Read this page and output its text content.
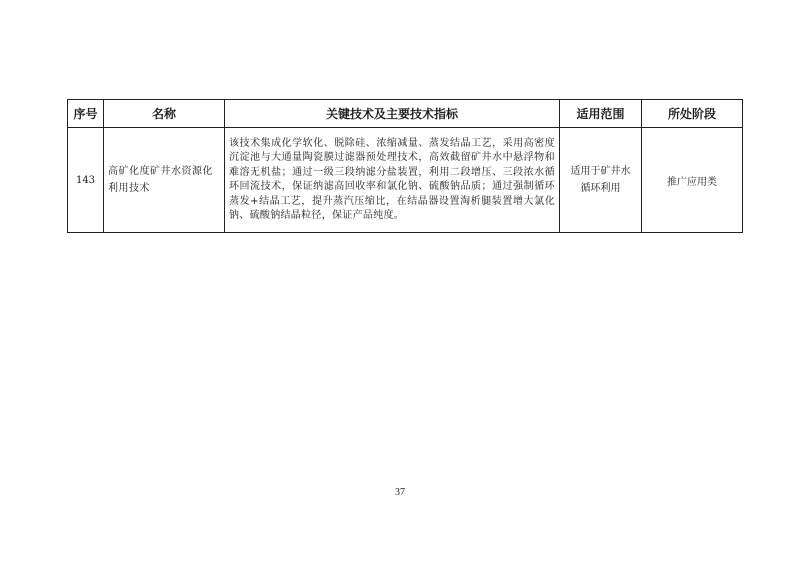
序号	名称	关键技术及主要技术指标	适用范围	所处阶段
143	高矿化度矿井水资源化利用技术	该技术集成化学软化、脱除硅、浓缩减量、蒸发结晶工艺，采用高密度沉淀池与大通量陶瓷膜过滤器预处理技术，高效截留矿井水中悬浮物和难溶无机盐；通过一级三段纳滤分盐装置，利用二段增压、三段浓水循环回流技术，保证纳滤高回收率和氯化钠、硫酸钠品质；通过强制循环蒸发+结晶工艺，提升蒸汽压缩比，在结晶器设置淘析腿装置增大氯化钠、硫酸钠结晶粒径，保证产品纯度。	适用于矿井水循环利用	推广应用类
37
